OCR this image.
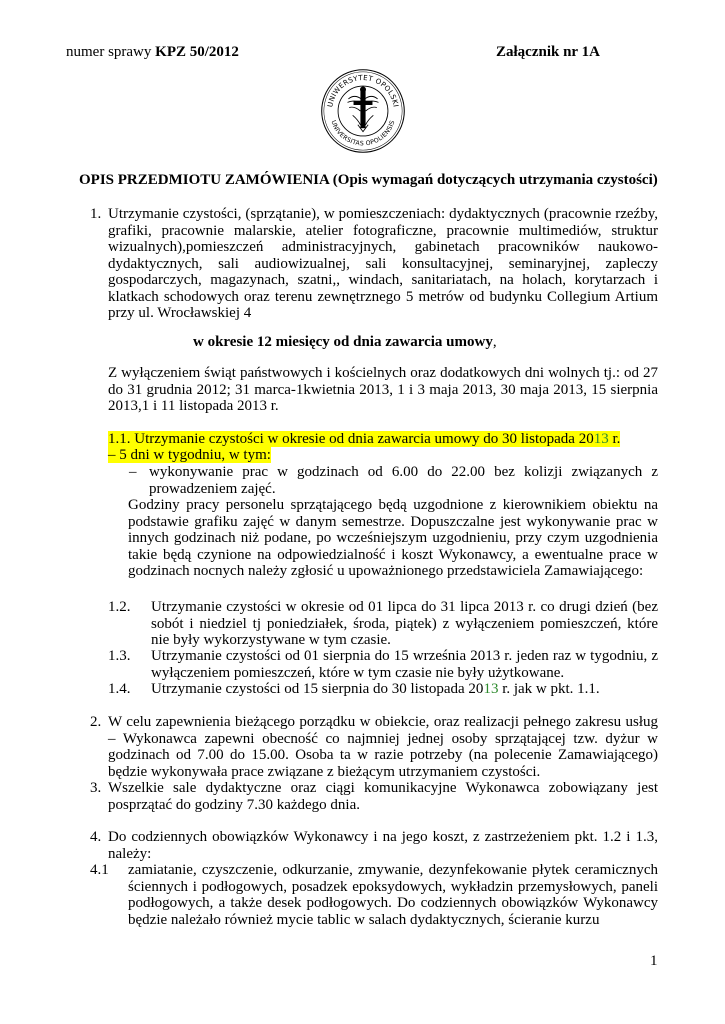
numer sprawy KPZ 50/2012	Załącznik nr 1A
UNIWERSYTET OPOLSKI
UNIVERSITAS OPOLIENSIS
OPIS PRZEDMIOTU ZAMÓWIENIA (Opis wymagań dotyczących utrzymania czystości)
1. Utrzymanie czystości, (sprzątanie), w pomieszczeniach: dydaktycznych (pracownie rzeźby, grafiki, pracownie malarskie, atelier fotograficzne, pracownie multimediów, struktur wizualnych),pomieszczeń administracyjnych, gabinetach pracowników naukowo-dydaktycznych, sali audiowizualnej, sali konsultacyjnej, seminaryjnej, zapleczy gospodarczych, magazynach, szatni,, windach, sanitariatach, na holach, korytarzach i klatkach schodowych oraz terenu zewnętrznego 5 metrów od budynku Collegium Artium przy ul. Wrocławskiej 4

w okresie 12 miesięcy od dnia zawarcia umowy,

Z wyłączeniem świąt państwowych i kościelnych oraz dodatkowych dni wolnych tj.: od 27 do 31 grudnia 2012; 31 marca-1kwietnia 2013, 1 i 3 maja 2013, 30 maja 2013, 15 sierpnia 2013,1 i 11 listopada 2013 r.

1.1. Utrzymanie czystości w okresie od dnia zawarcia umowy do 30 listopada 2013 r.
– 5 dni w tygodniu, w tym:
– wykonywanie prac w godzinach od 6.00 do 22.00 bez kolizji związanych z prowadzeniem zajęć.

Godziny pracy personelu sprzątającego będą uzgodnione z kierownikiem obiektu na podstawie grafiku zajęć w danym semestrze. Dopuszczalne jest wykonywanie prac w innych godzinach niż podane, po wcześniejszym uzgodnieniu, przy czym uzgodnienia takie będą czynione na odpowiedzialność i koszt Wykonawcy, a ewentualne prace w godzinach nocnych należy zgłosić u upoważnionego przedstawiciela Zamawiającego:

1.2. Utrzymanie czystości w okresie od 01 lipca do 31 lipca 2013 r. co drugi dzień (bez sobót i niedziel tj poniedziałek, środa, piątek) z wyłączeniem pomieszczeń, które nie były wykorzystywane w tym czasie.

1.3. Utrzymanie czystości od 01 sierpnia do 15 września 2013 r. jeden raz w tygodniu, z wyłączeniem pomieszczeń, które w tym czasie nie były użytkowane.

1.4. Utrzymanie czystości od 15 sierpnia do 30 listopada 2013 r. jak w pkt. 1.1.
2. W celu zapewnienia bieżącego porządku w obiekcie, oraz realizacji pełnego zakresu usług – Wykonawca zapewni obecność co najmniej jednej osoby sprzątającej tzw. dyżur w godzinach od 7.00 do 15.00. Osoba ta w razie potrzeby (na polecenie Zamawiającego) będzie wykonywała prace związane z bieżącym utrzymaniem czystości.

3. Wszelkie sale dydaktyczne oraz ciągi komunikacyjne Wykonawca zobowiązany jest posprzątać do godziny 7.30 każdego dnia.

4. Do codziennych obowiązków Wykonawcy i na jego koszt, z zastrzeżeniem pkt. 1.2 i 1.3, należy:

4.1 zamiatanie, czyszczenie, odkurzanie, zmywanie, dezynfekowanie płytek ceramicznych ściennych i podłogowych, posadzek epoksydowych, wykładzin przemysłowych, paneli podłogowych, a także desek podłogowych. Do codziennych obowiązków Wykonawcy będzie należało również mycie tablic w salach dydaktycznych, ścieranie kurzu

1
